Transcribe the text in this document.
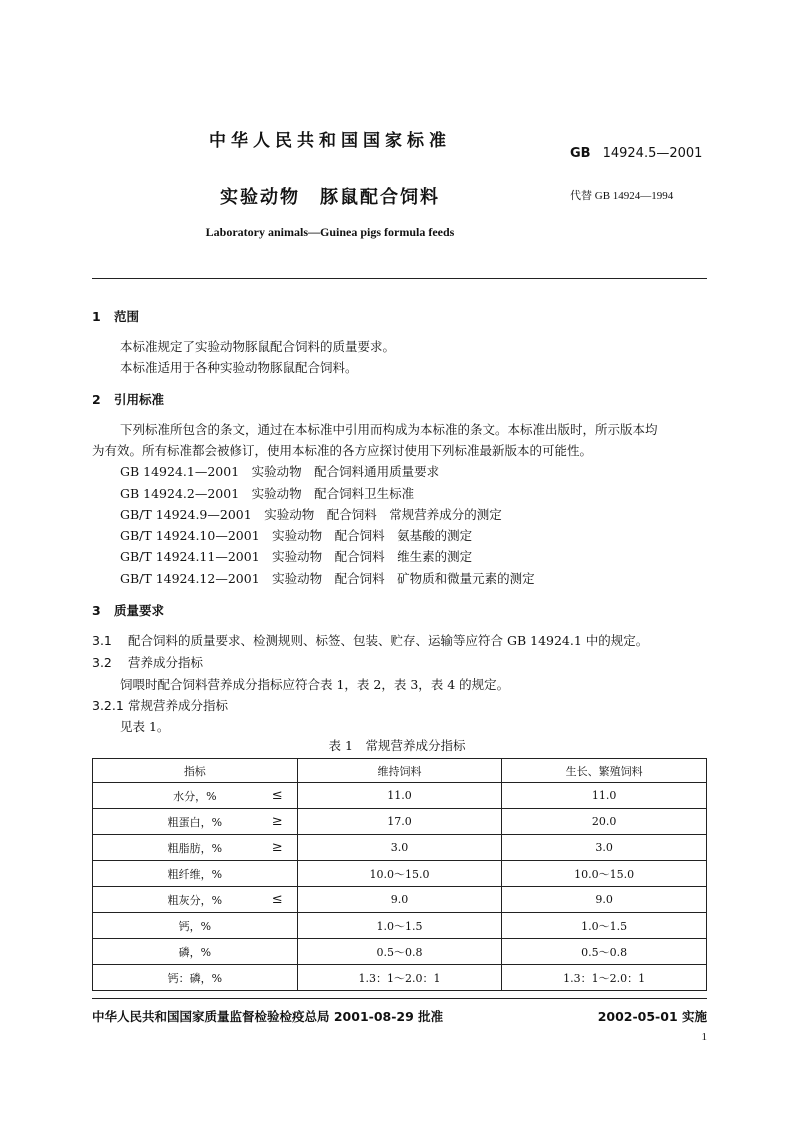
中华人民共和国国家标准
GB 14924.5—2001
实验动物　豚鼠配合饲料	代替 GB 14924—1994
Laboratory animals—Guinea pigs formula feeds
1 范围
本标准规定了实验动物豚鼠配合饲料的质量要求。
本标准适用于各种实验动物豚鼠配合饲料。
2 引用标准
下列标准所包含的条文，通过在本标准中引用而构成为本标准的条文。本标准出版时，所示版本均
为有效。所有标准都会被修订，使用本标准的各方应探讨使用下列标准最新版本的可能性。
GB 14924.1—2001　实验动物　配合饲料通用质量要求
GB 14924.2—2001　实验动物　配合饲料卫生标准
GB/T 14924.9—2001　实验动物　配合饲料　常规营养成分的测定
GB/T 14924.10—2001　实验动物　配合饲料　氨基酸的测定
GB/T 14924.11—2001　实验动物　配合饲料　维生素的测定
GB/T 14924.12—2001　实验动物　配合饲料　矿物质和微量元素的测定
3 质量要求
3.1 配合饲料的质量要求、检测规则、标签、包装、贮存、运输等应符合 GB 14924.1 中的规定。
3.2 营养成分指标
饲喂时配合饲料营养成分指标应符合表 1，表 2，表 3，表 4 的规定。
3.2.1 常规营养成分指标
见表 1。
表 1　常规营养成分指标
指标	维持饲料	生长、繁殖饲料

水分，% ≤	11.0	11.0

粗蛋白，% ≥	17.0	20.0

粗脂肪，% ≥	3.0	3.0

粗纤维，%	10.0～15.0	10.0～15.0

粗灰分，% ≤	9.0	9.0

钙，%	1.0～1.5	1.0～1.5

磷，%	0.5～0.8	0.5～0.8

钙：磷，%	1.3：1～2.0：1	1.3：1～2.0：1
中华人民共和国国家质量监督检验检疫总局 2001-08-29 批准	2002-05-01 实施
1
